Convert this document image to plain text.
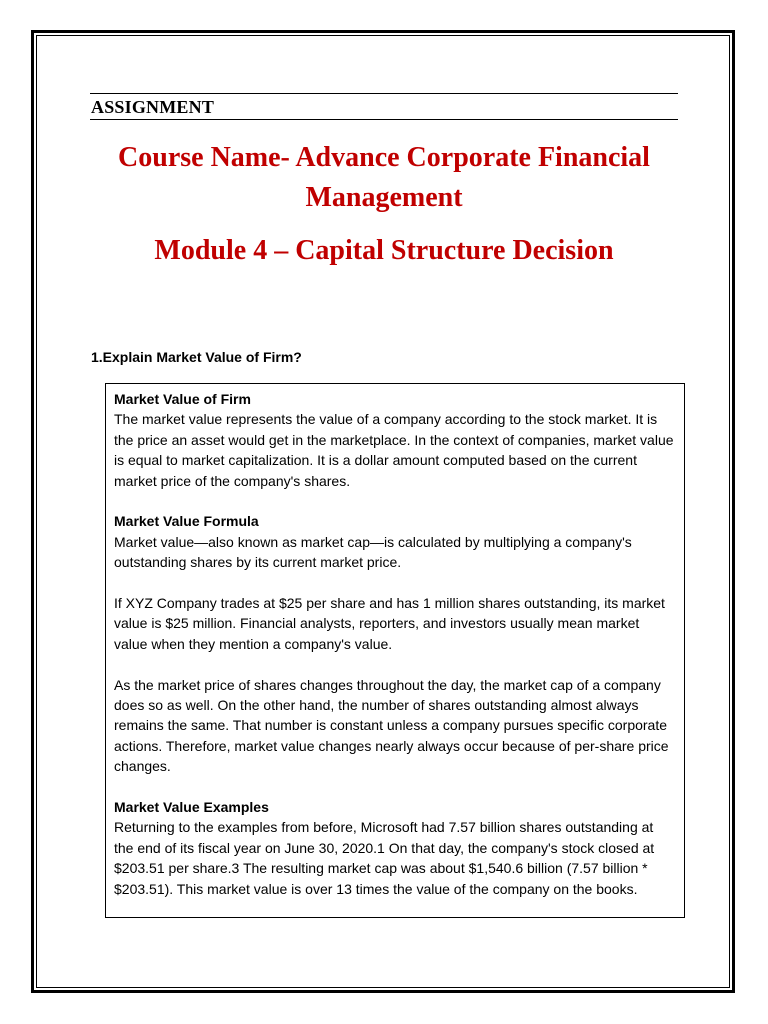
ASSIGNMENT
Course Name- Advance Corporate Financial Management
Module 4 – Capital Structure Decision
1.Explain Market Value of Firm?
Market Value of Firm

The market value represents the value of a company according to the stock market. It is the price an asset would get in the marketplace. In the context of companies, market value is equal to market capitalization. It is a dollar amount computed based on the current market price of the company's shares.

Market Value Formula

Market value—also known as market cap—is calculated by multiplying a company's outstanding shares by its current market price.

If XYZ Company trades at $25 per share and has 1 million shares outstanding, its market value is $25 million. Financial analysts, reporters, and investors usually mean market value when they mention a company's value.

As the market price of shares changes throughout the day, the market cap of a company does so as well. On the other hand, the number of shares outstanding almost always remains the same. That number is constant unless a company pursues specific corporate actions. Therefore, market value changes nearly always occur because of per-share price changes.

Market Value Examples

Returning to the examples from before, Microsoft had 7.57 billion shares outstanding at the end of its fiscal year on June 30, 2020.1 On that day, the company's stock closed at $203.51 per share.3 The resulting market cap was about $1,540.6 billion (7.57 billion * $203.51). This market value is over 13 times the value of the company on the books.
